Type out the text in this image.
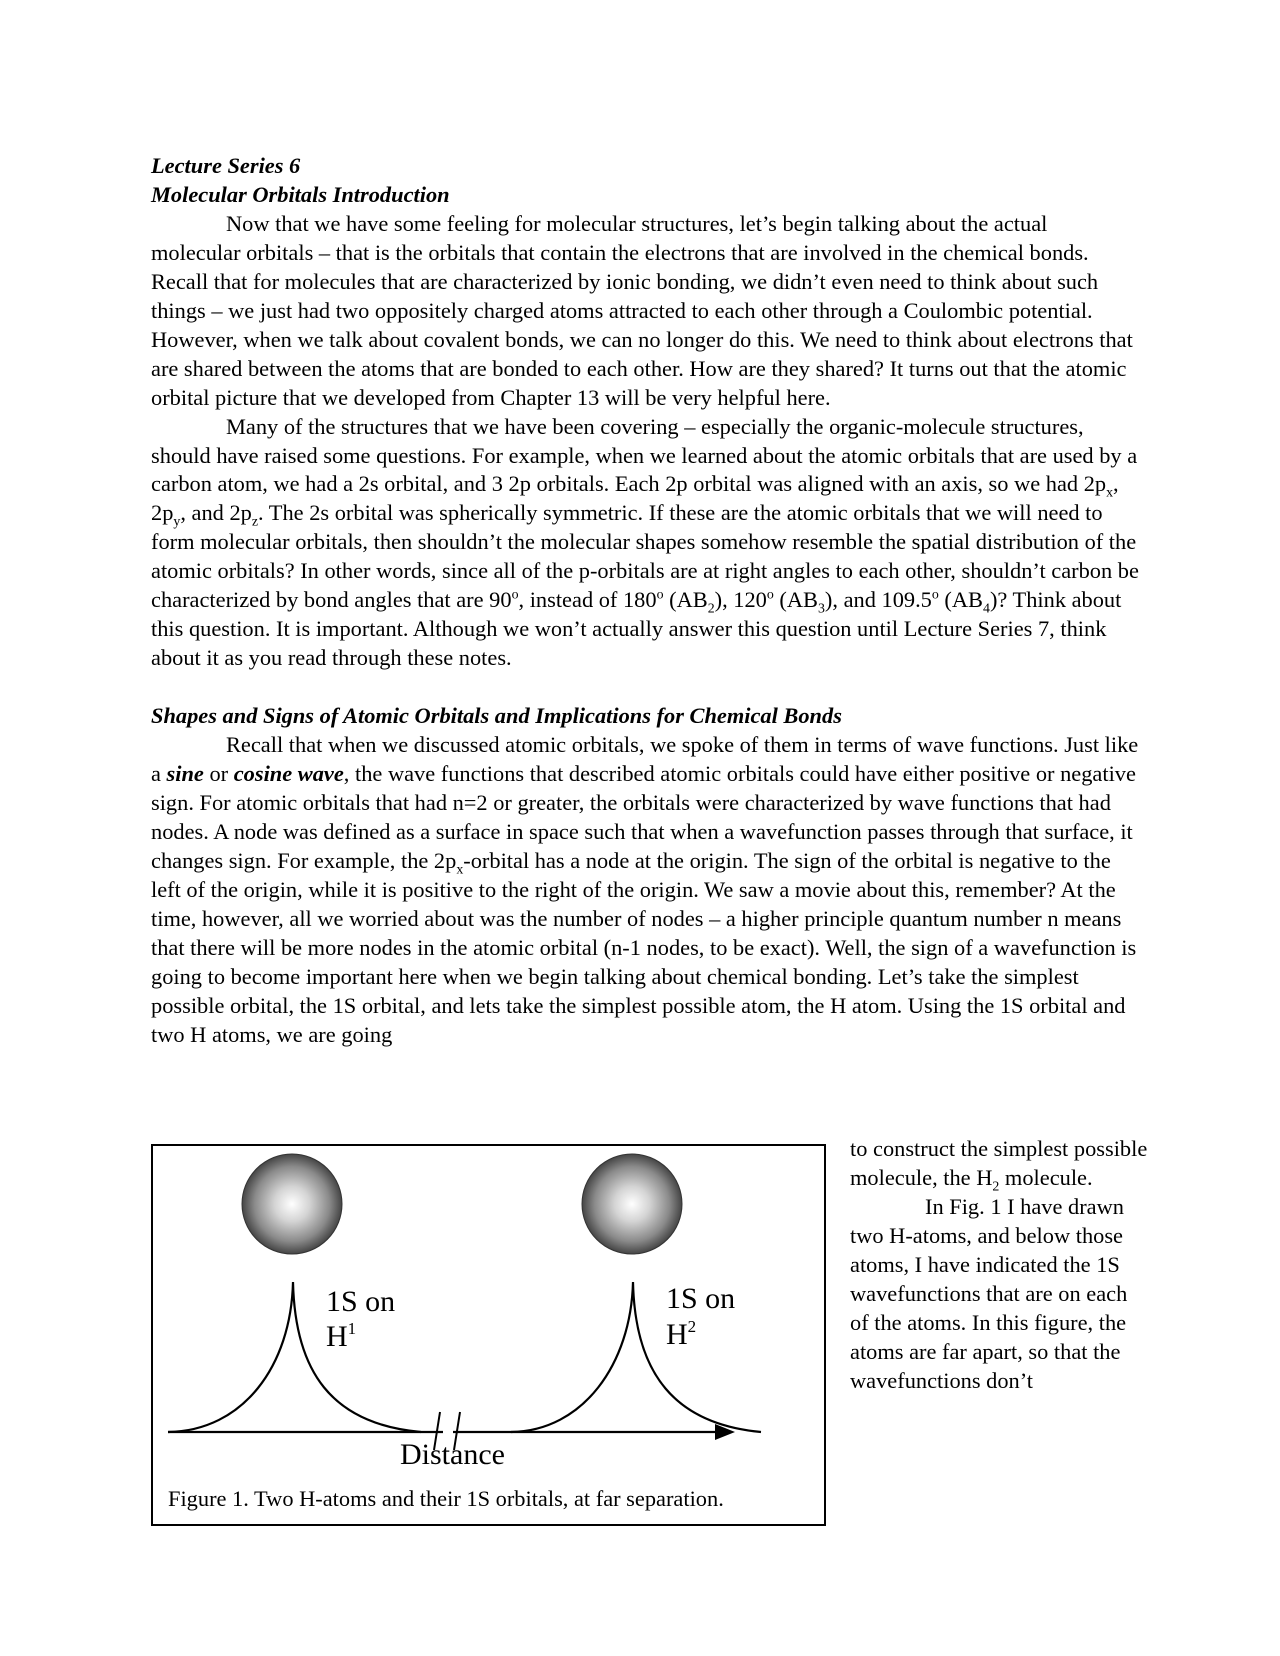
Lecture Series 6

Molecular Orbitals Introduction

Now that we have some feeling for molecular structures, let’s begin talking about the actual molecular orbitals – that is the orbitals that contain the electrons that are involved in the chemical bonds. Recall that for molecules that are characterized by ionic bonding, we didn’t even need to think about such things – we just had two oppositely charged atoms attracted to each other through a Coulombic potential. However, when we talk about covalent bonds, we can no longer do this. We need to think about electrons that are shared between the atoms that are bonded to each other. How are they shared? It turns out that the atomic orbital picture that we developed from Chapter 13 will be very helpful here.

Many of the structures that we have been covering – especially the organic-molecule structures, should have raised some questions. For example, when we learned about the atomic orbitals that are used by a carbon atom, we had a 2s orbital, and 3 2p orbitals. Each 2p orbital was aligned with an axis, so we had $2p_x$, $2p_y$, and $2p_z$. The 2s orbital was spherically symmetric. If these are the atomic orbitals that we will need to form molecular orbitals, then shouldn’t the molecular shapes somehow resemble the spatial distribution of the atomic orbitals? In other words, since all of the p-orbitals are at right angles to each other, shouldn’t carbon be characterized by bond angles that are 90$^o$, instead of 180$^o$ $(AB_2)$, 120$^o$ $(AB_3)$, and 109.5$^o$ $(AB_4)$? Think about this question. It is important. Although we won’t actually answer this question until Lecture Series 7, think about it as you read through these notes.

Shapes and Signs of Atomic Orbitals and Implications for Chemical Bonds

Recall that when we discussed atomic orbitals, we spoke of them in terms of wave functions. Just like a sine or cosine wave, the wave functions that described atomic orbitals could have either positive or negative sign. For atomic orbitals that had n=2 or greater, the orbitals were characterized by wave functions that had nodes. A node was defined as a surface in space such that when a wavefunction passes through that surface, it changes sign. For example, the $2p_x$-orbital has a node at the origin. The sign of the orbital is negative to the left of the origin, while it is positive to the right of the origin. We saw a movie about this, remember? At the time, however, all we worried about was the number of nodes – a higher principle quantum number n means that there will be more nodes in the atomic orbital (n-1 nodes, to be exact). Well, the sign of a wavefunction is going to become important here when we begin talking about chemical bonding. Let’s take the simplest possible orbital, the 1S orbital, and lets take the simplest possible atom, the H atom. Using the 1S orbital and two H atoms, we are going

to construct the simplest possible molecule, the $H_2$ molecule.

In Fig. 1 I have drawn two H-atoms, and below those atoms, I have indicated the 1S wavefunctions that are on each of the atoms. In this figure, the atoms are far apart, so that the wavefunctions don’t

1S on
$H^1$
1S on
$H^2$
Distance
Figure 1. Two H-atoms and their 1S orbitals, at far separation.
